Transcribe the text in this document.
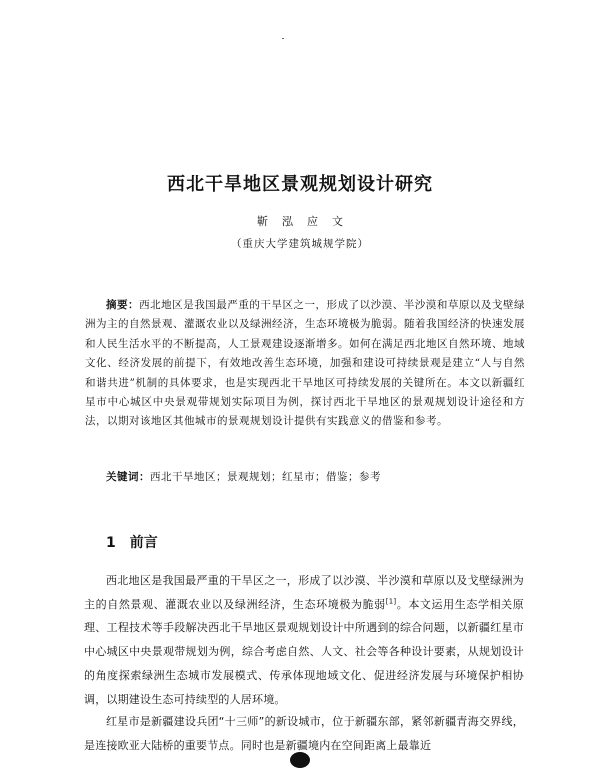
西北干旱地区景观规划设计研究
靳泓应文
（重庆大学建筑城规学院）
摘要：西北地区是我国最严重的干旱区之一，形成了以沙漠、半沙漠和草原以及戈壁绿洲为主的自然景观、灌溉农业以及绿洲经济，生态环境极为脆弱。随着我国经济的快速发展和人民生活水平的不断提高，人工景观建设逐渐增多。如何在满足西北地区自然环境、地域文化、经济发展的前提下，有效地改善生态环境，加强和建设可持续景观是建立“人与自然和谐共进”机制的具体要求，也是实现西北干旱地区可持续发展的关键所在。本文以新疆红星市中心城区中央景观带规划实际项目为例，探讨西北干旱地区的景观规划设计途径和方法，以期对该地区其他城市的景观规划设计提供有实践意义的借鉴和参考。
关键词：西北干旱地区；景观规划；红星市；借鉴；参考
1 前言
西北地区是我国最严重的干旱区之一，形成了以沙漠、半沙漠和草原以及戈壁绿洲为主的自然景观、灌溉农业以及绿洲经济，生态环境极为脆弱[1]。本文运用生态学相关原理、工程技术等手段解决西北干旱地区景观规划设计中所遇到的综合问题，以新疆红星市中心城区中央景观带规划为例，综合考虑自然、人文、社会等各种设计要素，从规划设计的角度探索绿洲生态城市发展模式、传承体现地域文化、促进经济发展与环境保护相协调，以期建设生态可持续型的人居环境。
红星市是新疆建设兵团“十三师”的新设城市，位于新疆东部，紧邻新疆青海交界线，是连接欧亚大陆桥的重要节点。同时也是新疆境内在空间距离上最靠近
